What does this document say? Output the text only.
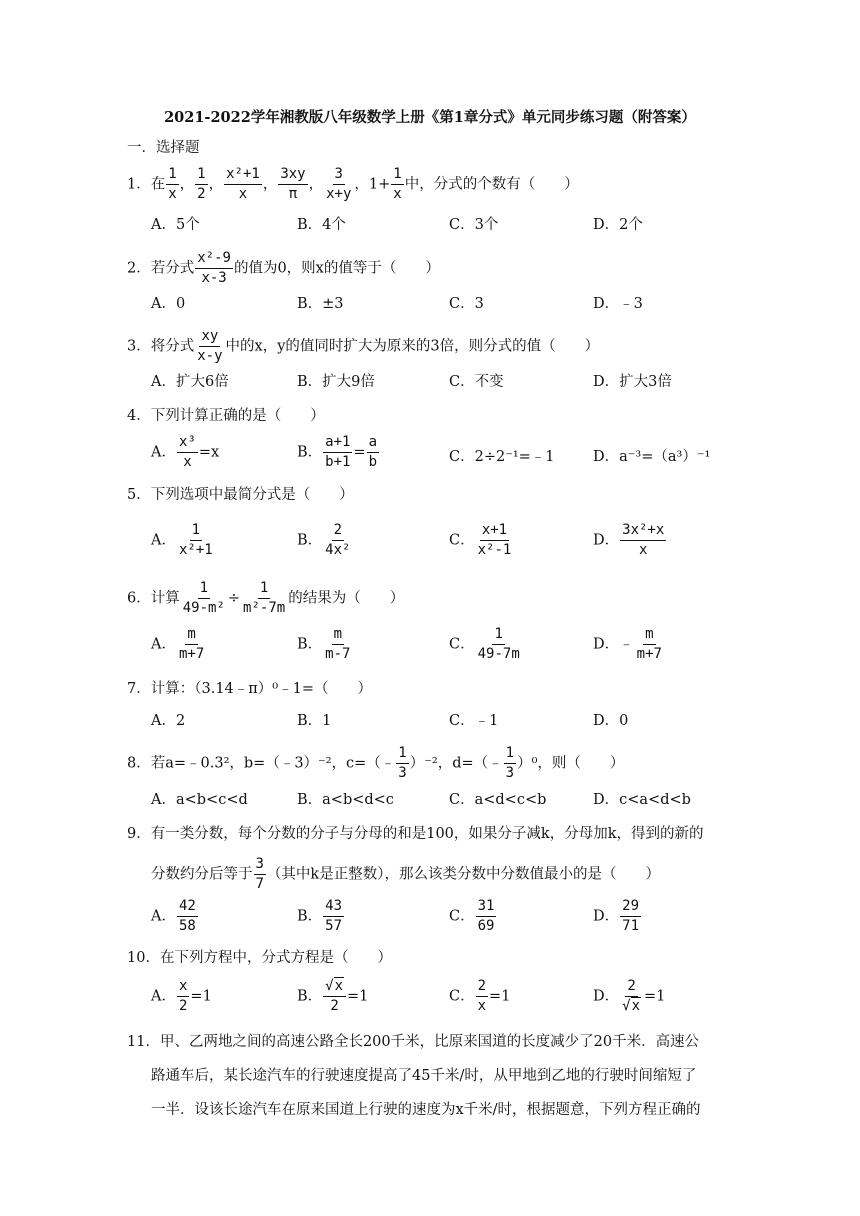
2021-2022学年湘教版八年级数学上册《第1章分式》单元同步练习题（附答案）
一．选择题
1．在 $\frac{1}{x}$ ， $\frac{1}{2}$ ， $\frac{\text{x²+1}}{x}$ ， $\frac{3xy}{\pi}$ ， $\frac{3}{x+y}$ ，$1+ \frac{1}{x}$ 中，分式的个数有（　　）
A．5个	B．4个	C．3个	D．2个
2．若分式 $\frac{\text{x²-9}}{x-3}$ 的值为0，则x的值等于（　　）
A．0	B．±3	C．3	D．﹣3
3．将分式 $\frac{xy}{x-y}$ 中的x，y的值同时扩大为原来的3倍，则分式的值（　　）
A．扩大6倍	B．扩大9倍	C．不变	D．扩大3倍
4．下列计算正确的是（　　）
A． $\frac{\text{x³}}{x} =x$	B． $\frac{a+1}{b+1} = \frac{a}{b}$	C．2÷2⁻¹=﹣1	D．a⁻³=（a³）⁻¹
5．下列选项中最简分式是（　　）
A． $\frac{1}{\text{x²+1}}$	B． $\frac{2}{\text{4x²}}$	C． $\frac{x+1}{\text{x²-1}}$	D． $\frac{\text{3x²+x}}{x}$
6．计算 $\frac{1}{\text{49-m²}} \div \frac{1}{\text{m²-7m}}$ 的结果为（　　）
A． $\frac{m}{m+7}$	B． $\frac{m}{m-7}$	C． $\frac{1}{49-7m}$	D．﹣ $\frac{m}{m+7}$
7．计算：（3.14﹣π）⁰﹣1=（　　）
A．2	B．1	C．﹣1	D．0
8．若a=﹣0.3²，b=（﹣3）⁻²，c=（﹣ $\frac{1}{3} )^{-2}$，d=（﹣ $\frac{1}{3} )^0$，则（　　）
A．a<b<c<d	B．a<b<d<c	C．a<d<c<b	D．c<a<d<b
9．有一类分数，每个分数的分子与分母的和是100，如果分子减k，分母加k，得到的新的
分数约分后等于 $\frac{3}{7}$ （其中k是正整数），那么该类分数中分数值最小的是（　　）
A． $\frac{42}{58}$	B． $\frac{43}{57}$	C． $\frac{31}{69}$	D． $\frac{29}{71}$
10．在下列方程中，分式方程是（　　）
A． $\frac{x}{2} =1$	B． $\frac{√x}{2} =1$	C． $\frac{2}{x} =1$	D． $\frac{2}{√x} =1$
11．甲、乙两地之间的高速公路全长200千米，比原来国道的长度减少了20千米．高速公
路通车后，某长途汽车的行驶速度提高了45千米/时，从甲地到乙地的行驶时间缩短了
一半．设该长途汽车在原来国道上行驶的速度为x千米/时，根据题意，下列方程正确的
